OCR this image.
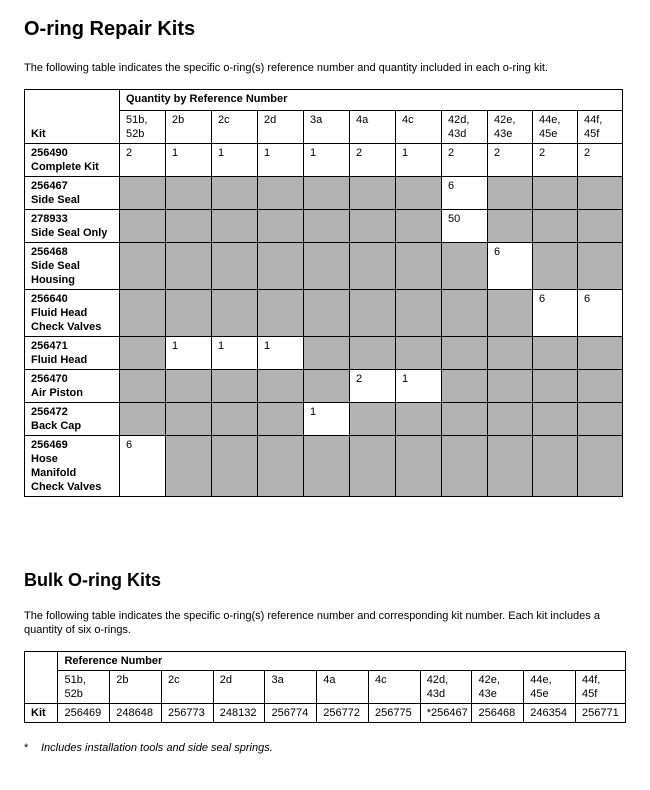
O-ring Repair Kits

The following table indicates the specific o-ring(s) reference number and quantity included in each o-ring kit.

Kit	Quantity by Reference Number										
	51b,
52b	2b	2c	2d	3a	4a	4c	42d,
43d	42e,
43e	44e,
45e	44f,
45f
256490
Complete Kit	2	1	1	1	1	2	1	2	2	2	2
256467
Side Seal								6			
278933
Side Seal Only								50			
256468
Side Seal
Housing									6		
256640
Fluid Head
Check Valves										6	6
256471
Fluid Head		1	1	1							
256470
Air Piston						2	1				
256472
Back Cap					1						
256469
Hose
Manifold
Check Valves	6										
Bulk O-ring Kits

The following table indicates the specific o-ring(s) reference number and corresponding kit number. Each kit includes a quantity of six o-rings.

	Reference Number										
	51b,
52b	2b	2c	2d	3a	4a	4c	42d,
43d	42e,
43e	44e,
45e	44f,
45f
Kit	256469	248648	256773	248132	256774	256772	256775	*256467	256468	246354	256771

* Includes installation tools and side seal springs.
